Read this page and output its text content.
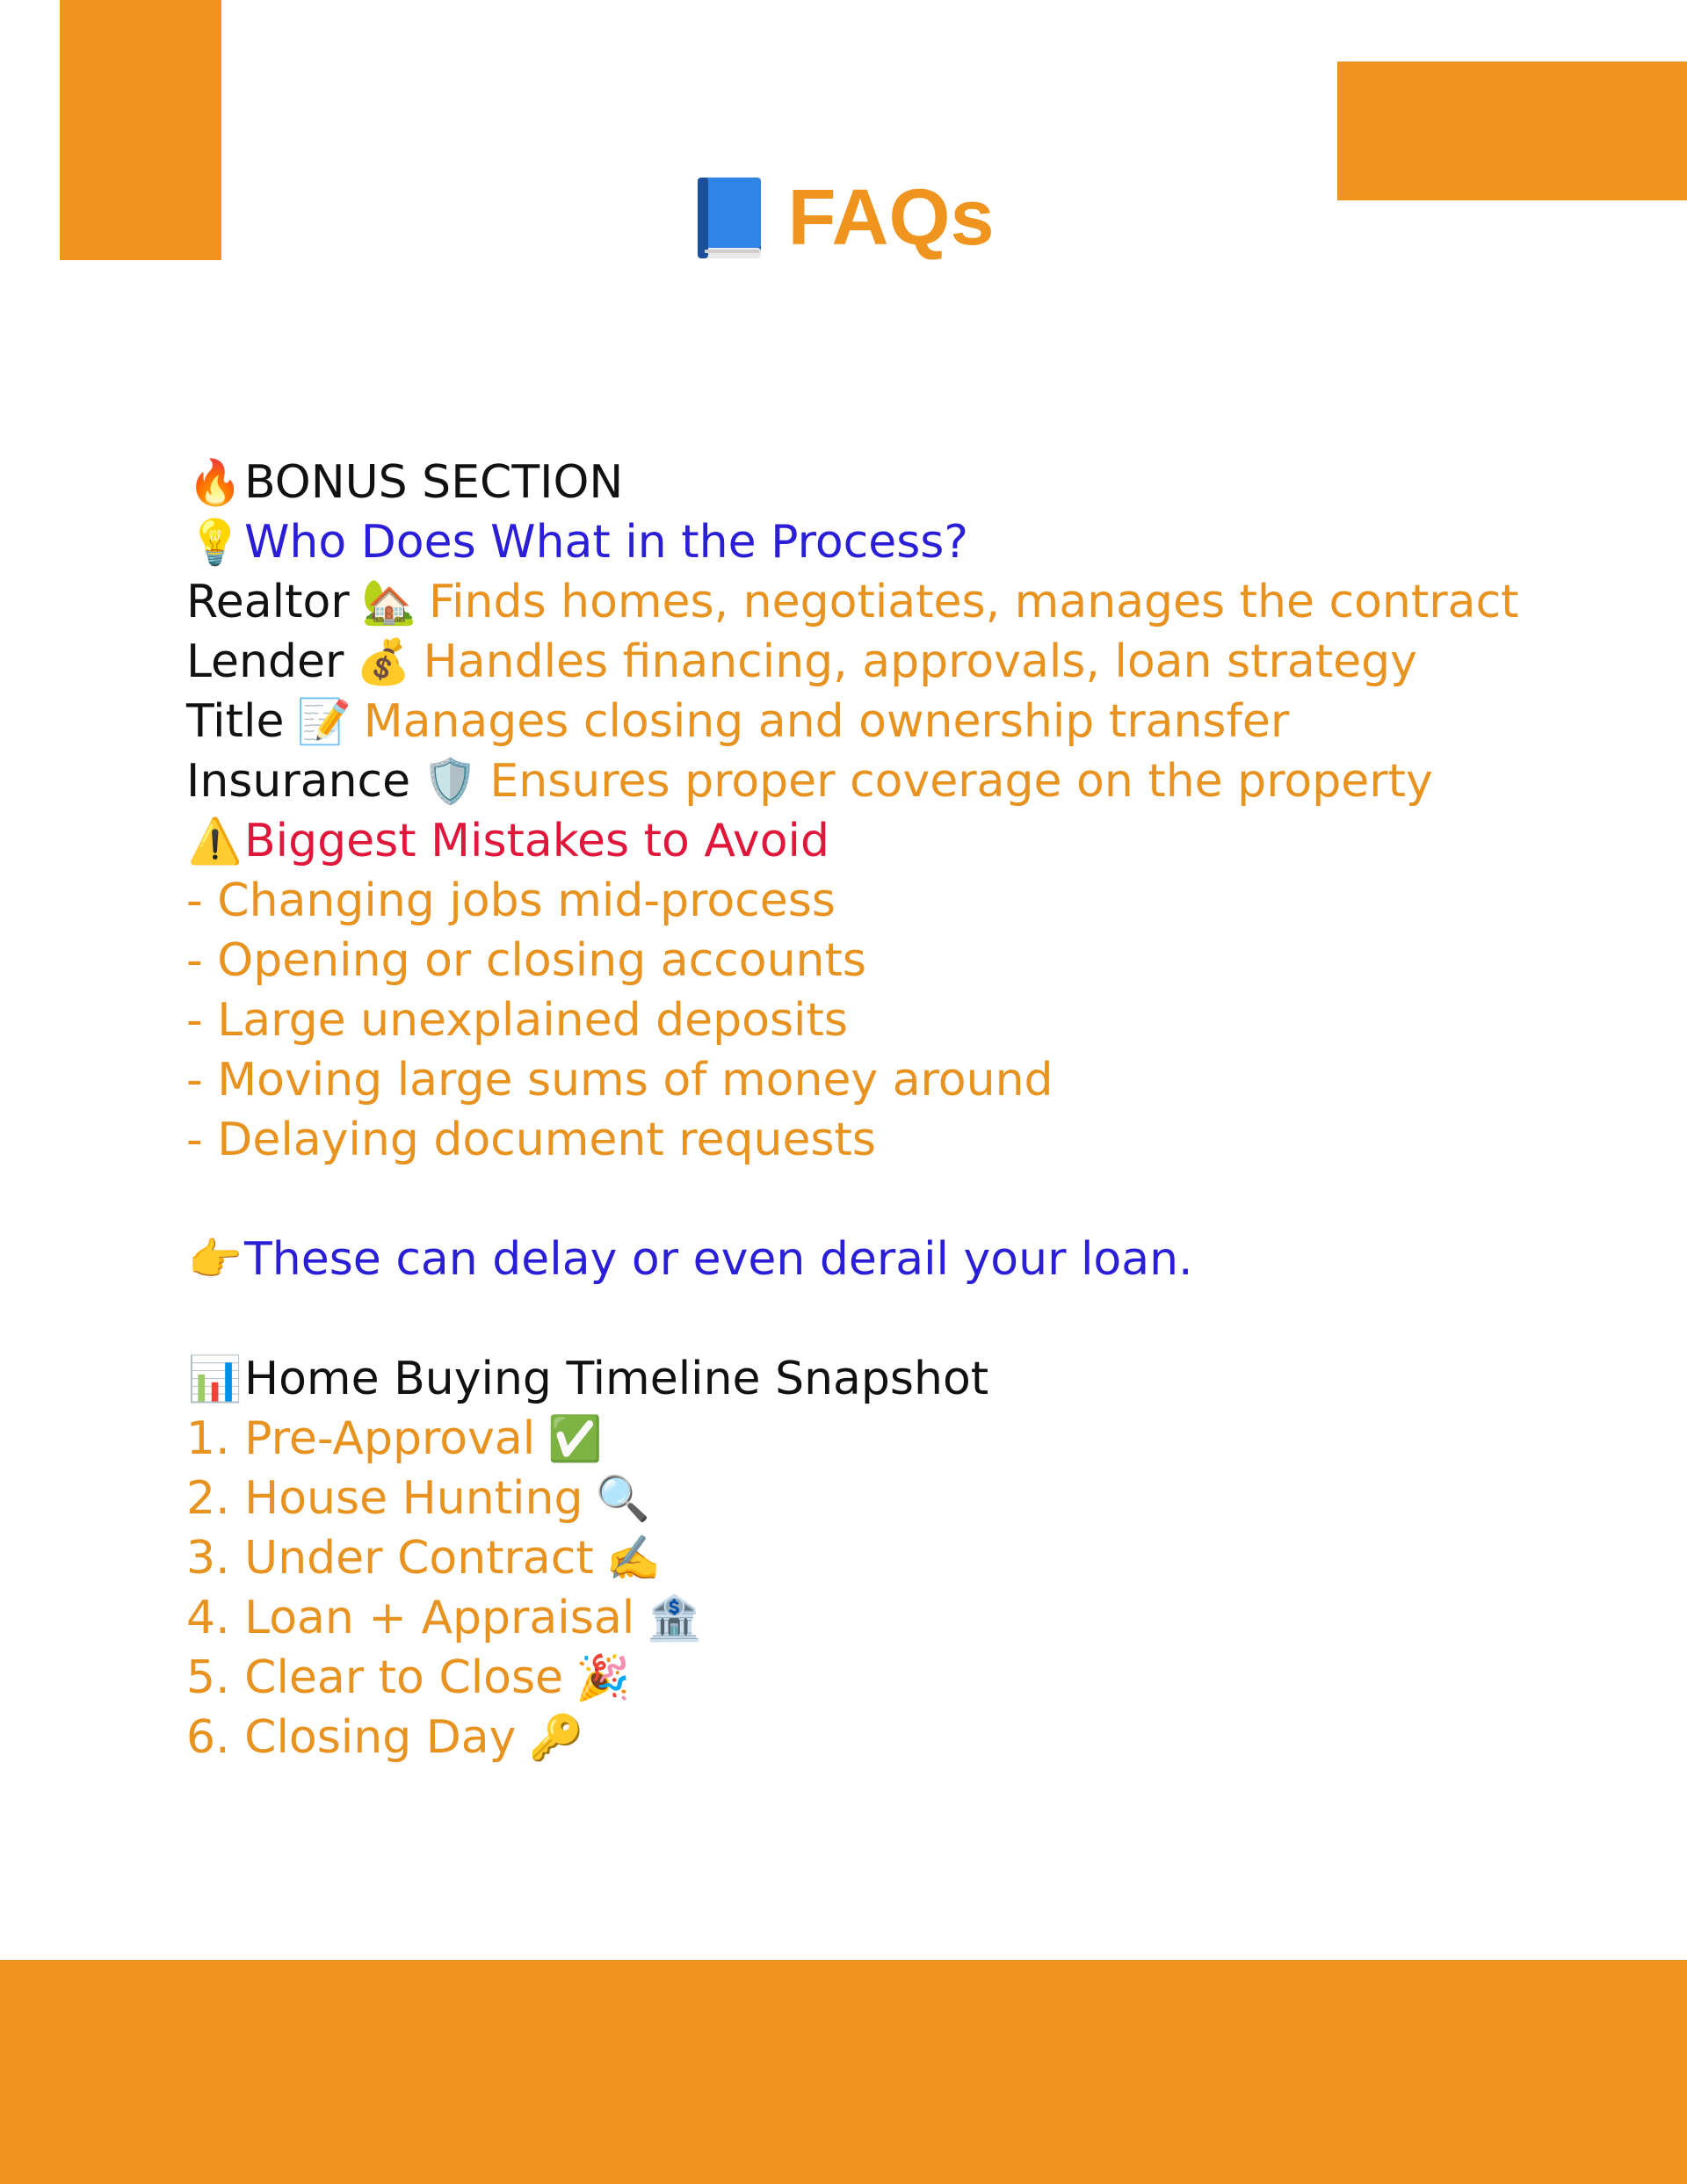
FAQs
🔥 BONUS SECTION
💡 Who Does What in the Process?
Realtor 🏡 Finds homes, negotiates, manages the contract
Lender 💰 Handles financing, approvals, loan strategy
Title 📝 Manages closing and ownership transfer
Insurance 🛡️ Ensures proper coverage on the property
⚠️ Biggest Mistakes to Avoid
- Changing jobs mid-process
- Opening or closing accounts
- Large unexplained deposits
- Moving large sums of money around
- Delaying document requests
👉 These can delay or even derail your loan.
📊 Home Buying Timeline Snapshot
1. Pre-Approval ✅
2. House Hunting 🔍
3. Under Contract ✍️
4. Loan + Appraisal 🏦
5. Clear to Close 🎉
6. Closing Day 🔑
